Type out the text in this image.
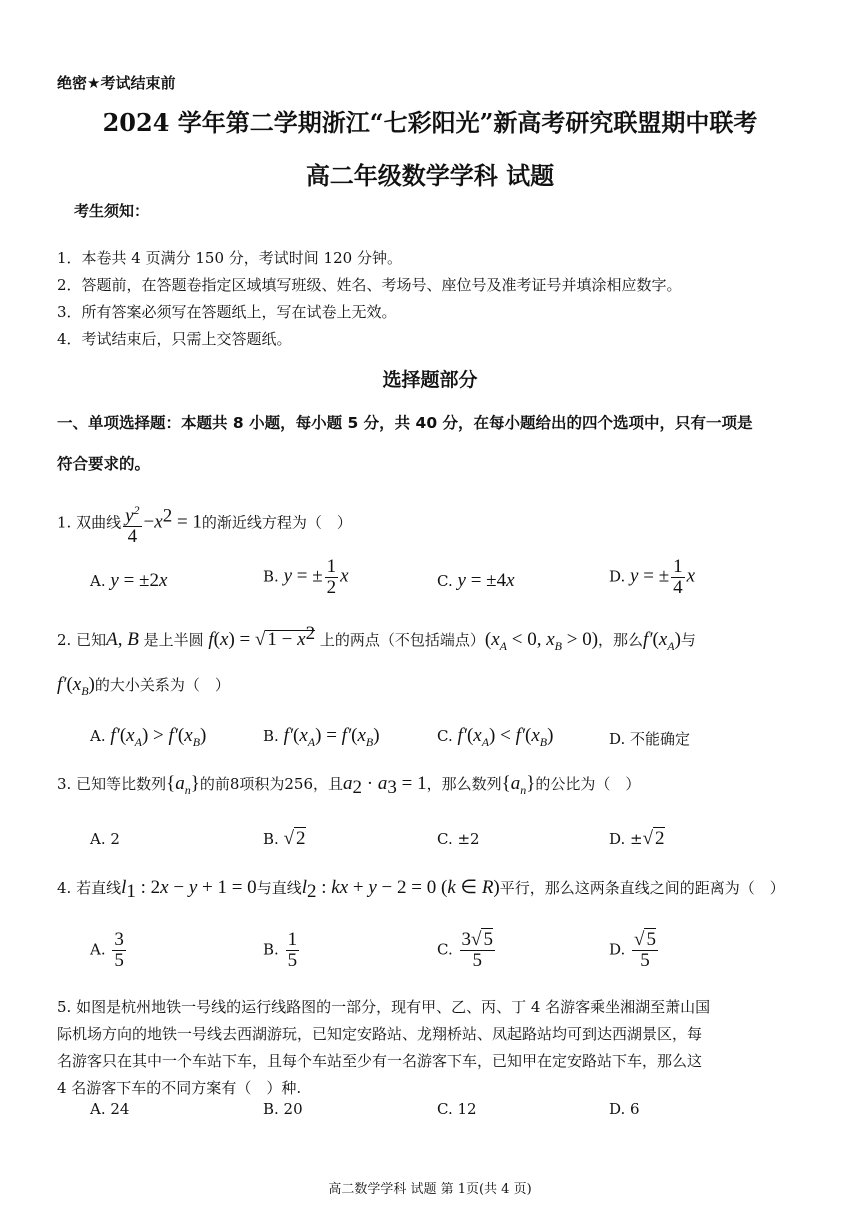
绝密★考试结束前
2024 学年第二学期浙江“七彩阳光”新高考研究联盟期中联考
高二年级数学学科 试题
考生须知：
1．本卷共 4 页满分 150 分，考试时间 120 分钟。
2．答题前，在答题卷指定区域填写班级、姓名、考场号、座位号及准考证号并填涂相应数字。
3．所有答案必须写在答题纸上，写在试卷上无效。
4．考试结束后，只需上交答题纸。
选择题部分
一、单项选择题：本题共 8 小题，每小题 5 分，共 40 分，在每小题给出的四个选项中，只有一项是
符合要求的。
1. 双曲线 $\frac{y^2}{4} -x^2 = 1$的渐近线方程为（　）
A. y = ±2x	B. y = ± $\frac{1}{2}$ x	C. y = ±4x	D. y = ± $\frac{1}{4}$ x
2. 已知A, B 是上半圆 f(x) = √ $1 - x^2$ 上的两点（不包括端点）($x_A < 0$, $x_B > 0$)，那么$f'(x_A)$与
$f'(x_B)$的大小关系为（　）
A. $f'(x_A) > f'(x_B)$	B. $f'(x_A) = f'(x_B)$	C. $f'(x_A) < f'(x_B)$	D. 不能确定
3. 已知等比数列$\{a_n\}$的前8项积为256，且$a_2 \cdot a_3 = 1$，那么数列$\{a_n\}$的公比为（　）
A. 2	B. √ 2	C. ±2	D. ±√ 2
4. 若直线$l_1$ : 2x − y + 1 = 0与直线$l_2$ : kx + y − 2 = 0 (k ∈ R)平行，那么这两条直线之间的距离为（　）
A. $\frac{3}{5}$	B. $\frac{1}{5}$	C. $\frac{3√ 5}{5}$	D. $\frac{√ 5}{5}$
5. 如图是杭州地铁一号线的运行线路图的一部分，现有甲、乙、丙、丁 4 名游客乘坐湘湖至萧山国
际机场方向的地铁一号线去西湖游玩，已知定安路站、龙翔桥站、凤起路站均可到达西湖景区，每
名游客只在其中一个车站下车，且每个车站至少有一名游客下车，已知甲在定安路站下车，那么这
4 名游客下车的不同方案有（　）种.
A. 24	B. 20	C. 12	D. 6
高二数学学科 试题 第 1页(共 4 页)
